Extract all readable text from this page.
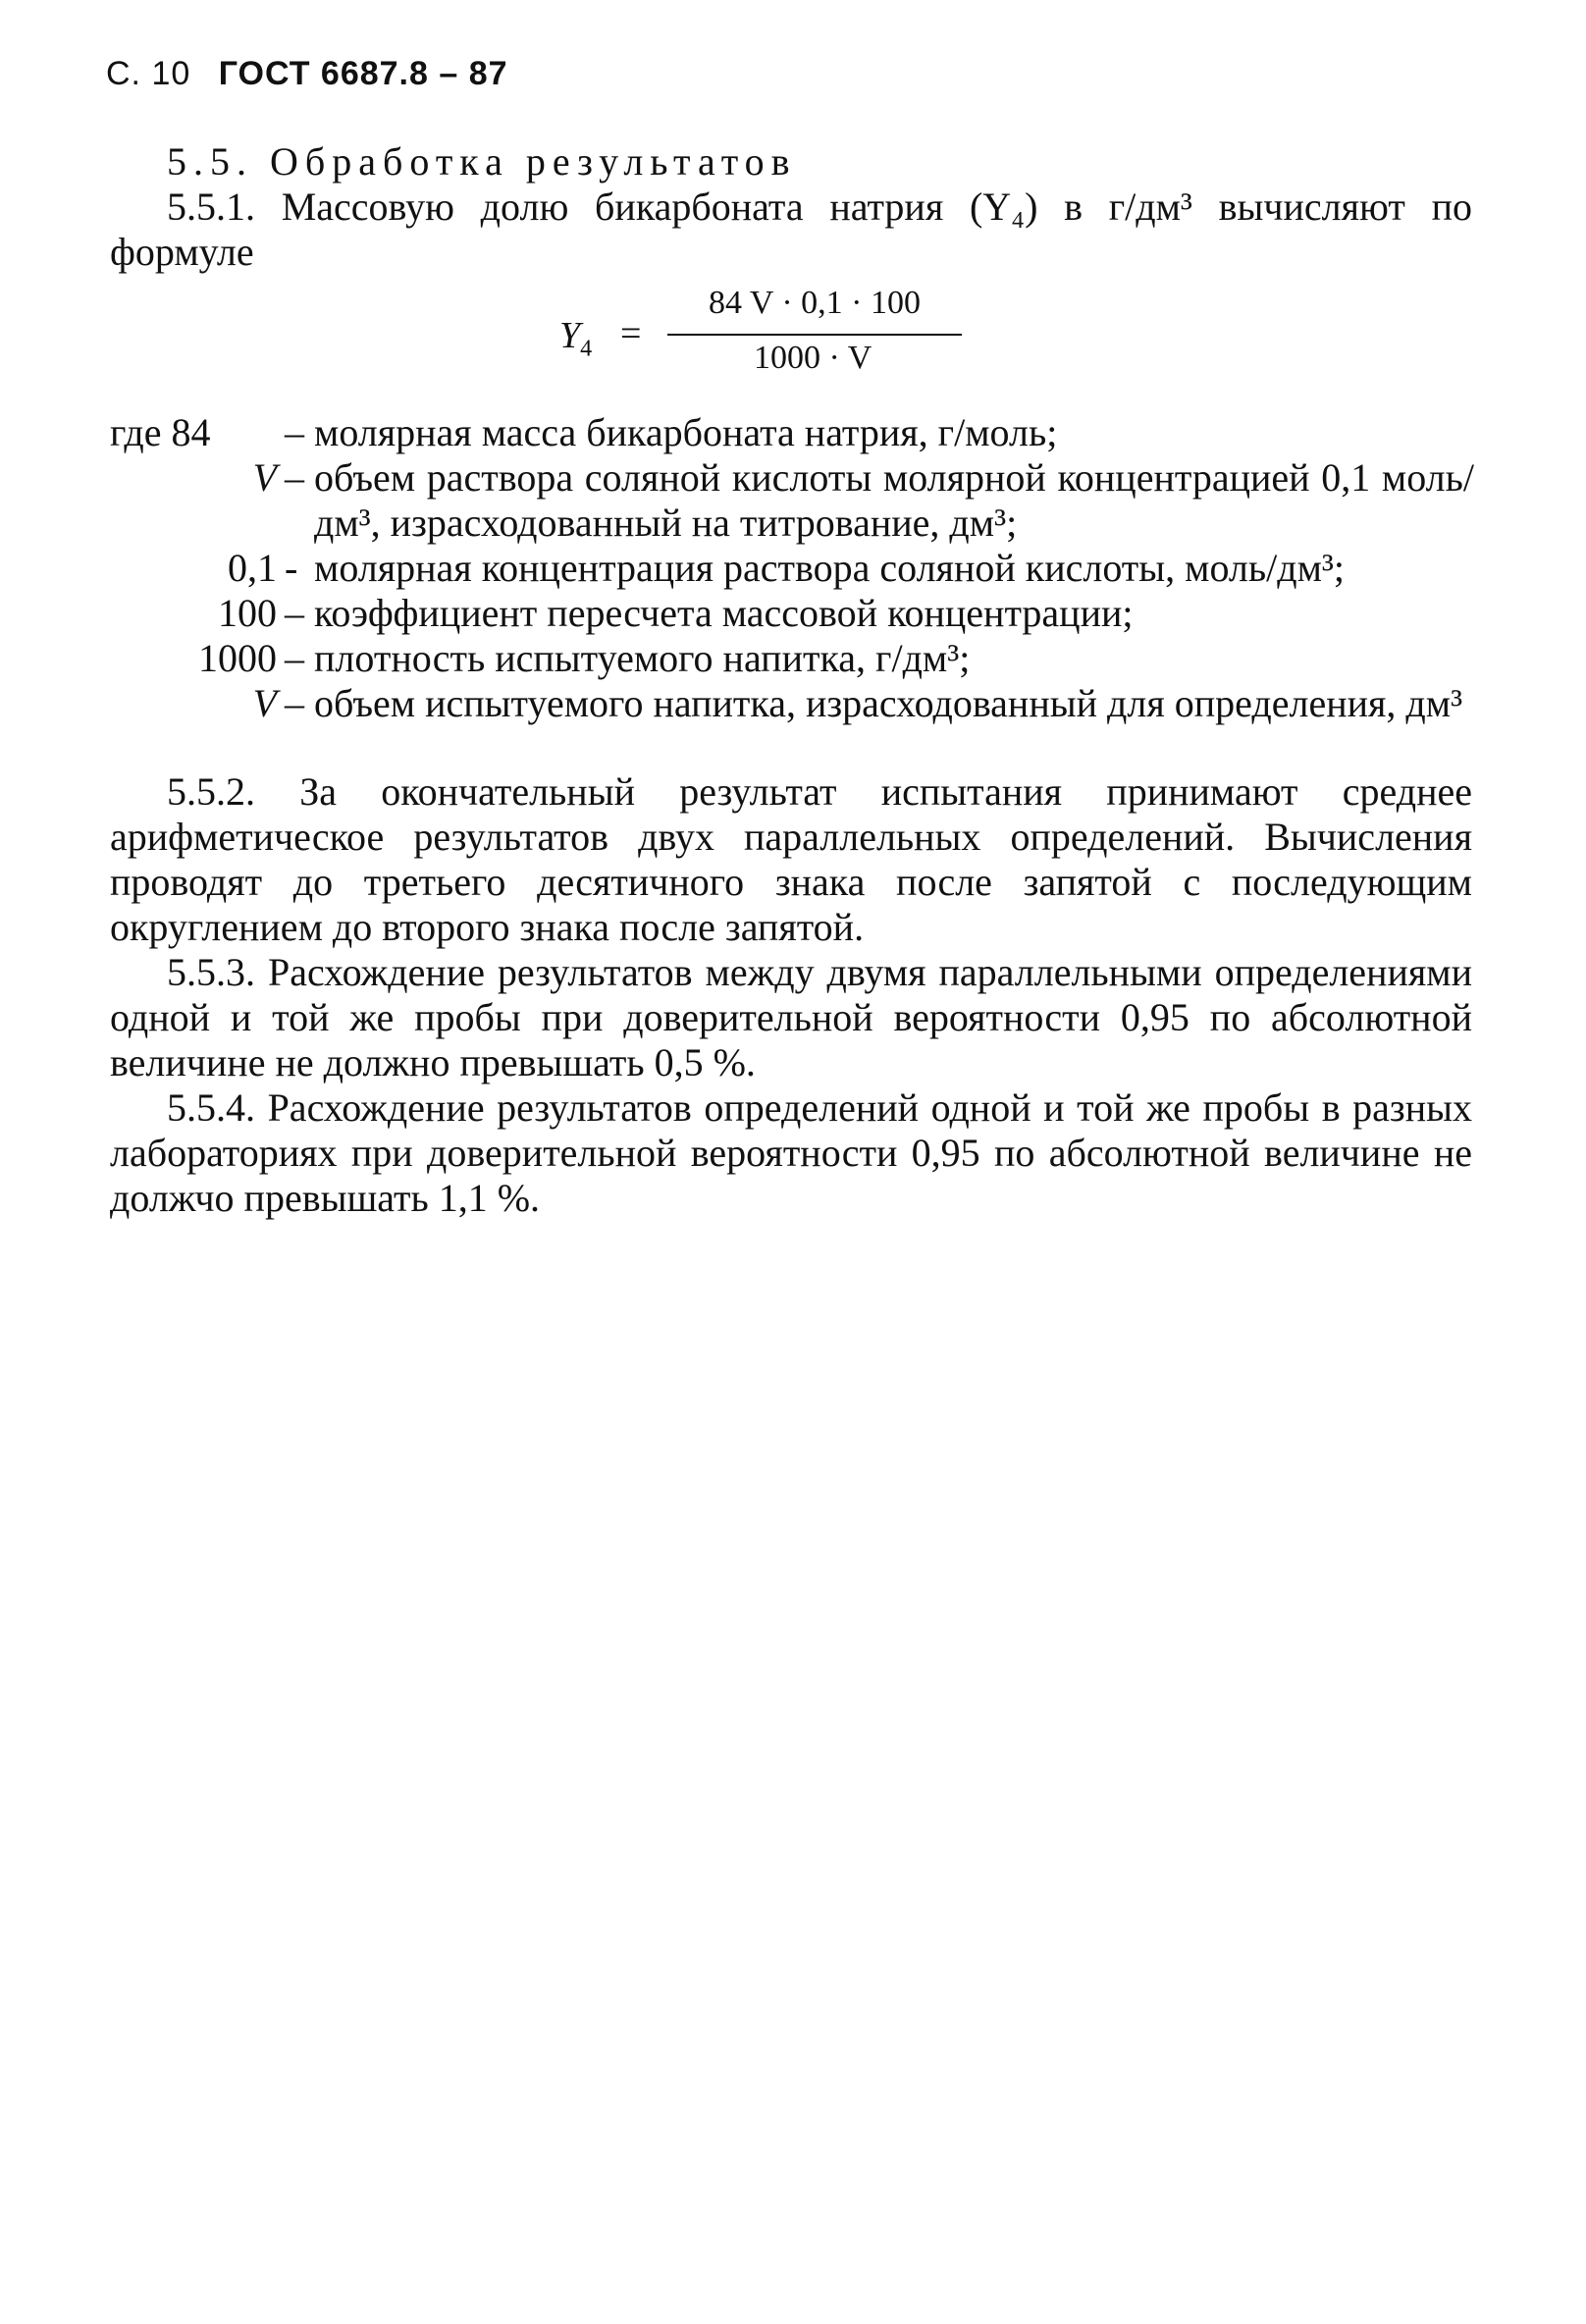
С. 10 ГОСТ 6687.8 – 87
5.5. Обработка результатов
5.5.1. Массовую долю бикарбоната натрия (Y₄) в г/дм³ вычисляют по формуле
$Y_4$ =
84 V · 0,1 · 100
1000 · V
где 84	– молярная масса бикарбоната натрия, г/моль;
V – объем раствора соляной кислоты молярной концентрацией 0,1 моль/дм³, израсходованный на титрование, дм³;
0,1 - молярная концентрация раствора соляной кислоты, моль/дм³;
100 – коэффициент пересчета массовой концентрации;
1000 – плотность испытуемого напитка, г/дм³;
V – объем испытуемого напитка, израсходованный для определения, дм³
5.5.2. За окончательный результат испытания принимают среднее арифметическое результатов двух параллельных определений. Вычисления проводят до третьего десятичного знака после запятой с последующим округлением до второго знака после запятой.
5.5.3. Расхождение результатов между двумя параллельными определениями одной и той же пробы при доверительной вероятности 0,95 по абсолютной величине не должно превышать 0,5 %.
5.5.4. Расхождение результатов определений одной и той же пробы в разных лабораториях при доверительной вероятности 0,95 по абсолютной величине не должчо превышать 1,1 %.
